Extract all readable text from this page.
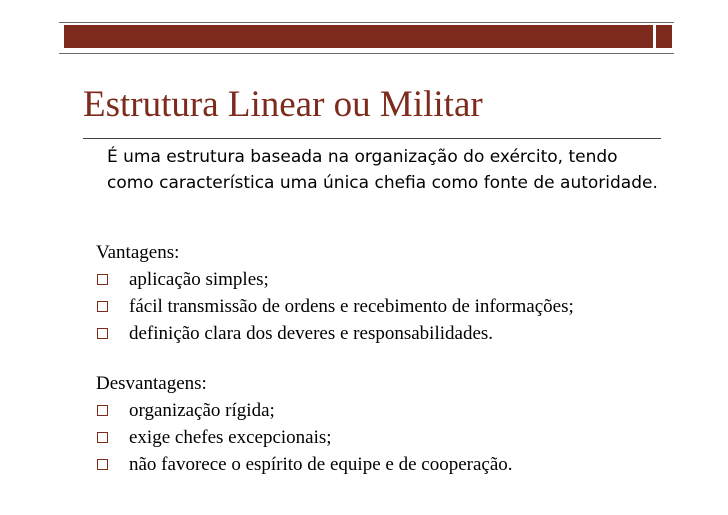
Estrutura Linear ou Militar

É uma estrutura baseada na organização do exército, tendo como característica uma única chefia como fonte de autoridade.

Vantagens:
aplicação simples;
fácil transmissão de ordens e recebimento de informações;
definição clara dos deveres e responsabilidades.
Desvantagens:
organização rígida;
exige chefes excepcionais;
não favorece o espírito de equipe e de cooperação.
